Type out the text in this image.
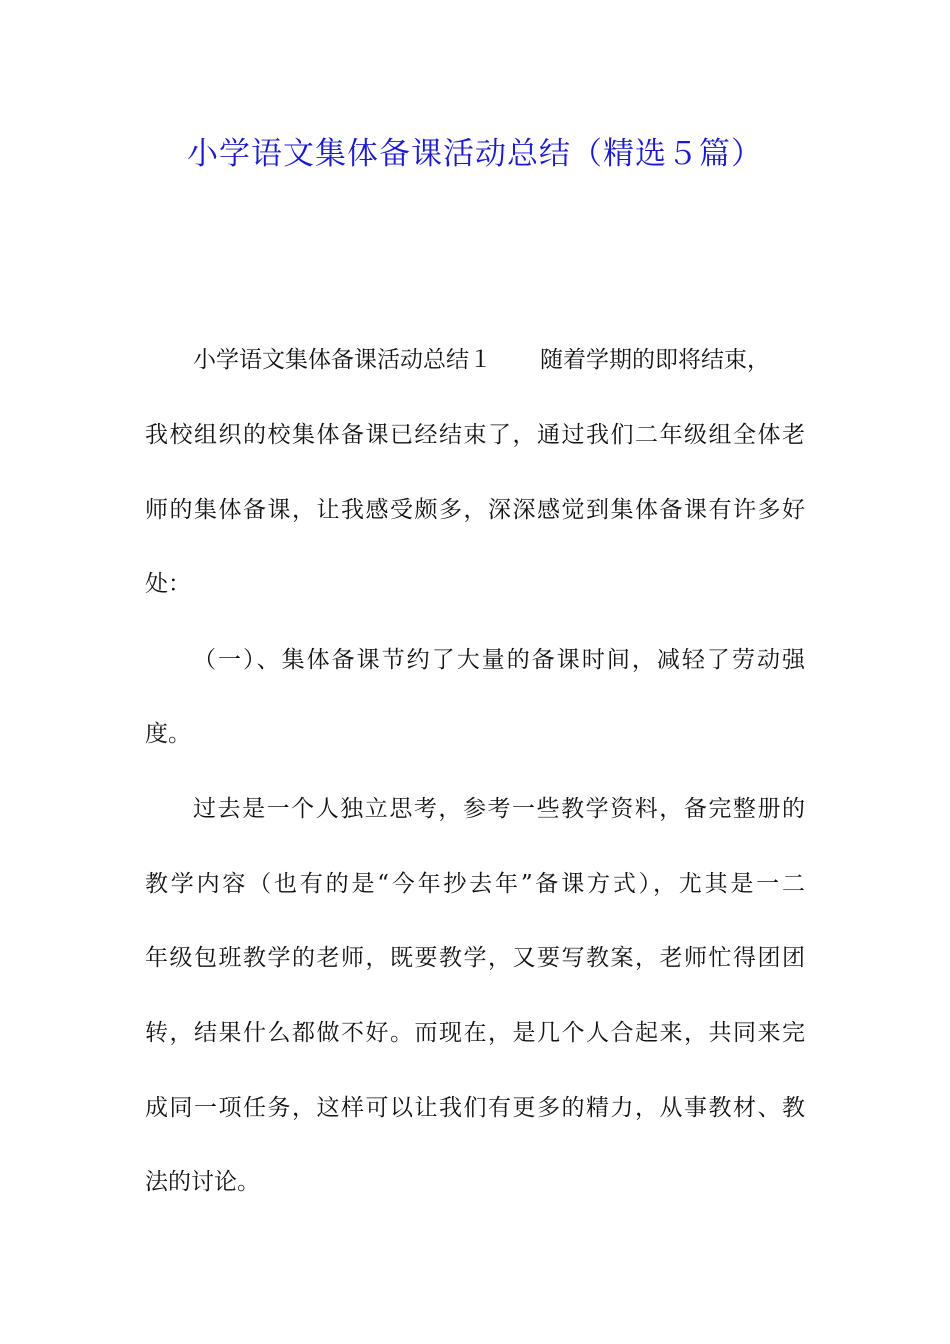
小学语文集体备课活动总结（精选５篇）

小学语文集体备课活动总结１ 随着学期的即将结束，

我校组织的校集体备课已经结束了，通过我们二年级组全体老

师的集体备课，让我感受颇多，深深感觉到集体备课有许多好

处：

（一）、集体备课节约了大量的备课时间，减轻了劳动强

度。

过去是一个人独立思考，参考一些教学资料，备完整册的

教学内容（也有的是“今年抄去年”备课方式），尤其是一二

年级包班教学的老师，既要教学，又要写教案，老师忙得团团

转，结果什么都做不好。而现在，是几个人合起来，共同来完

成同一项任务，这样可以让我们有更多的精力，从事教材、教

法的讨论。
